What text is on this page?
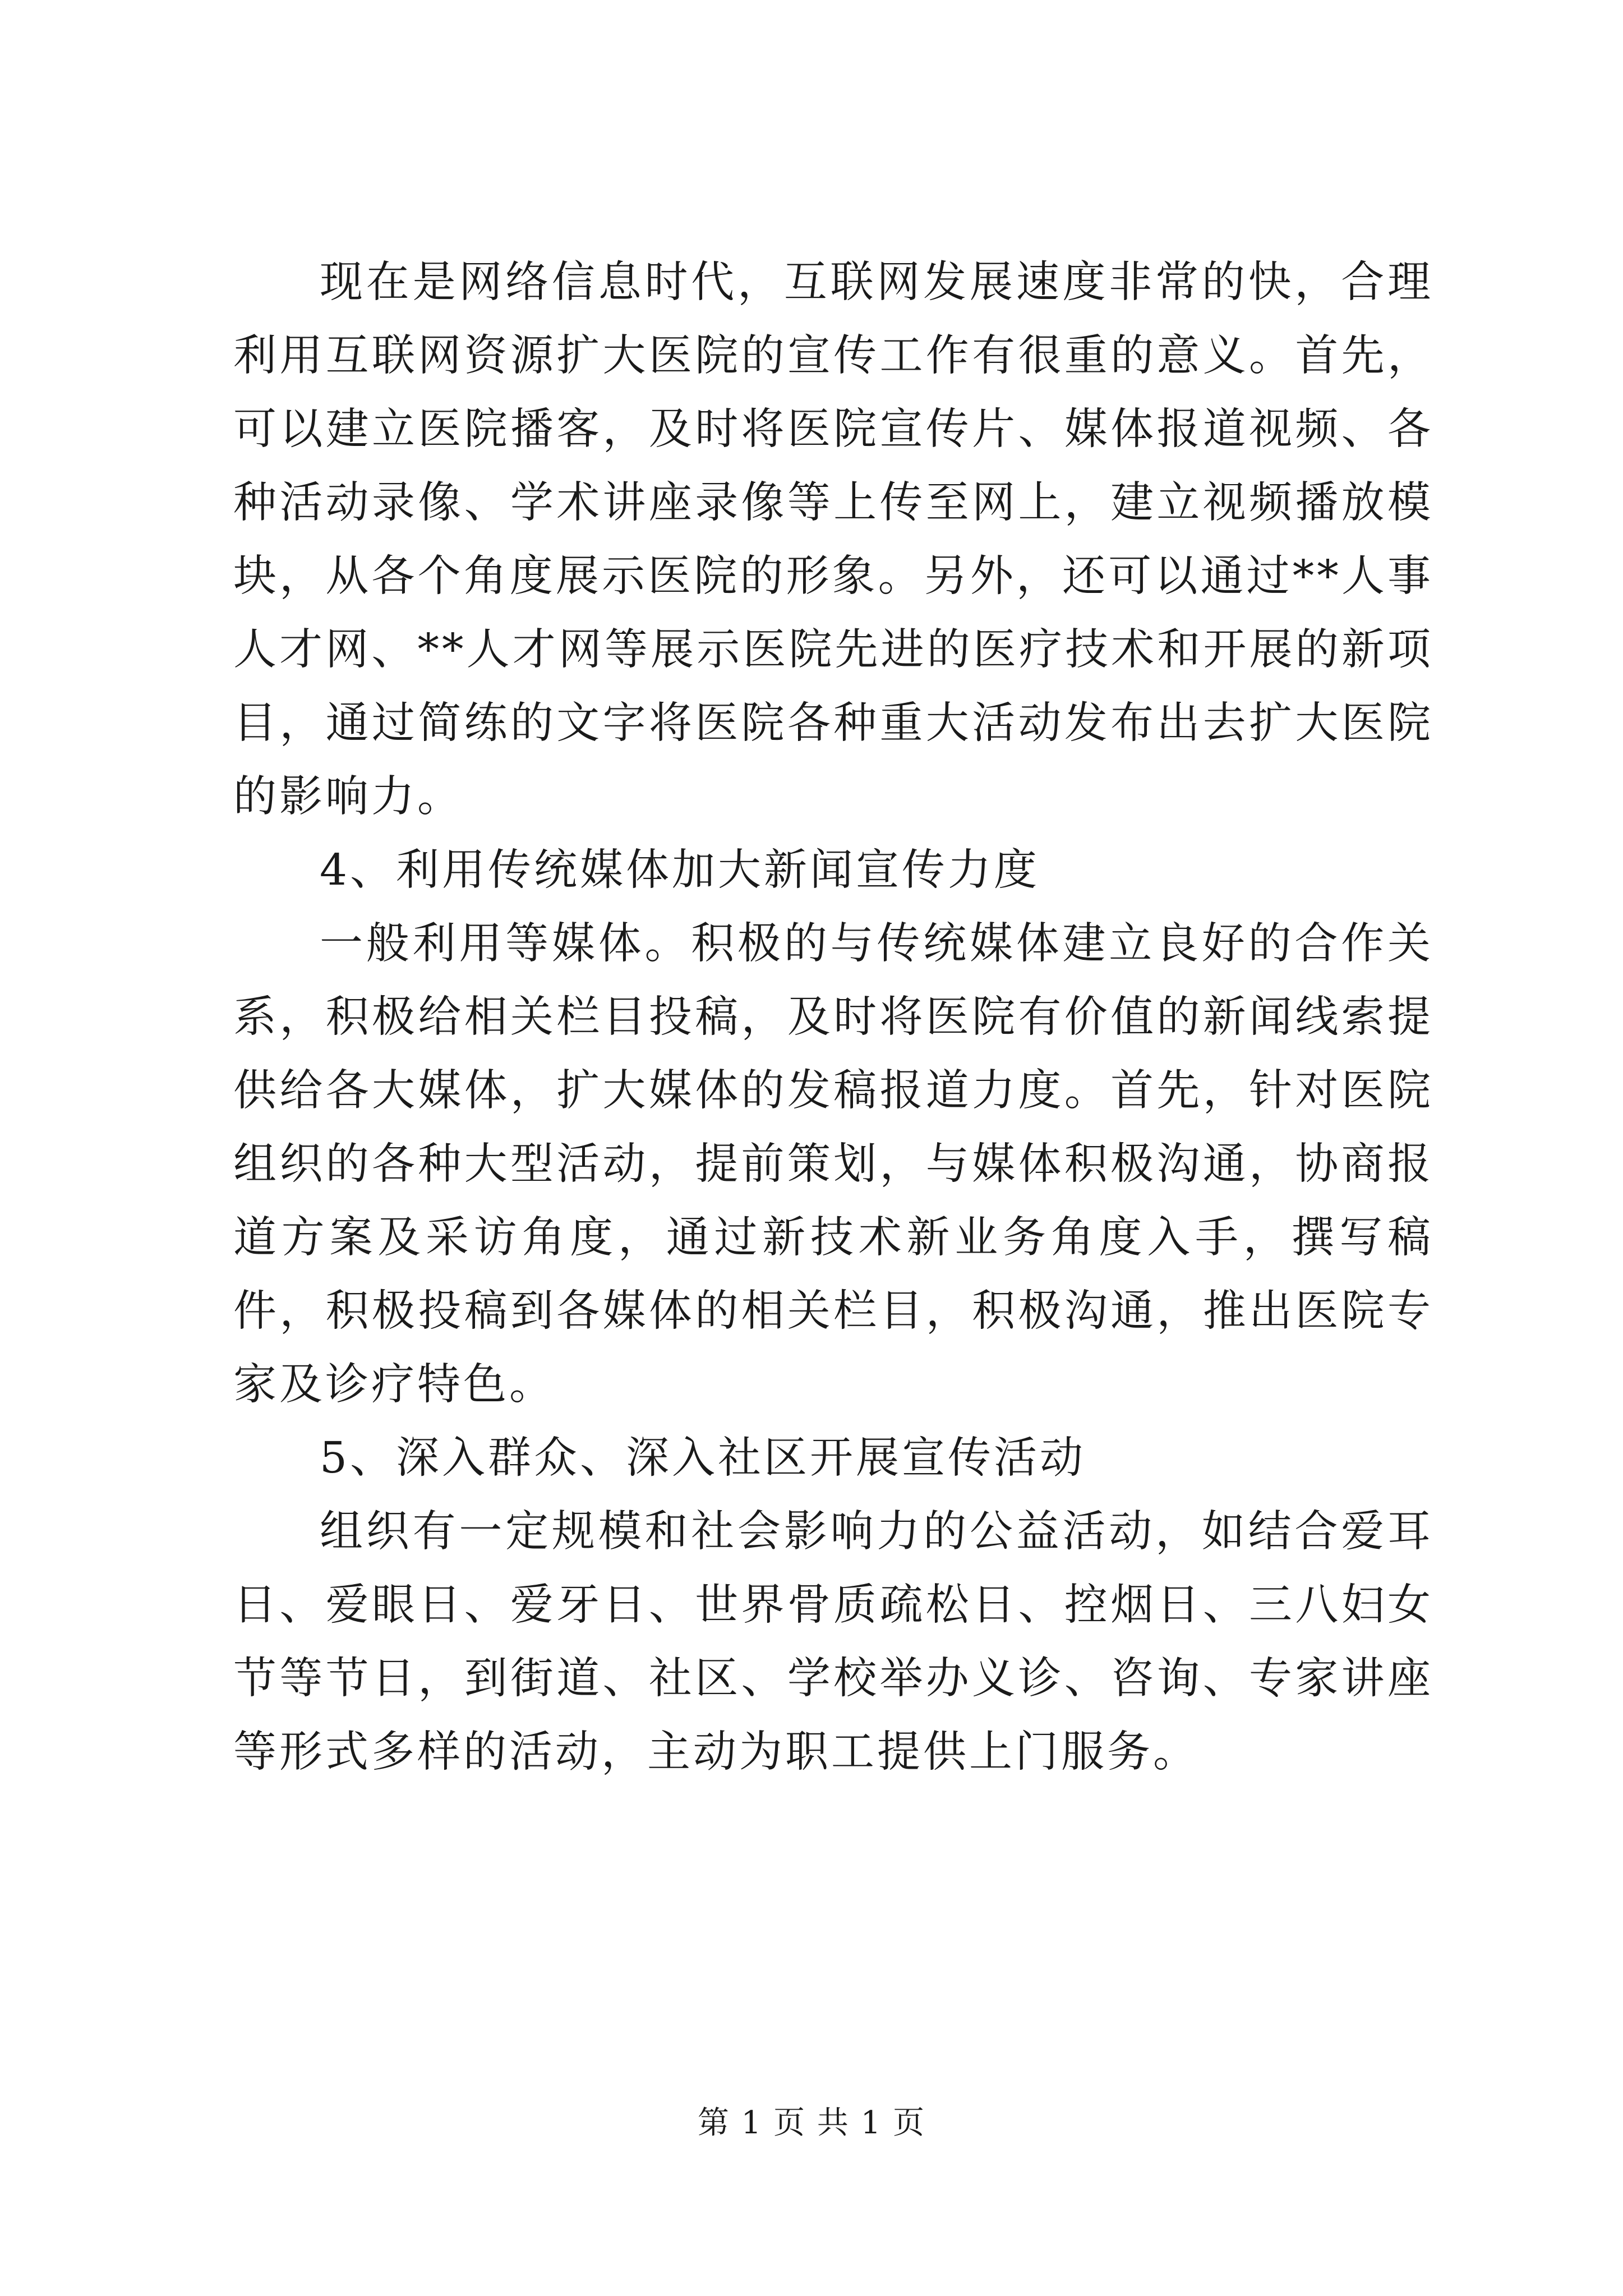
现在是网络信息时代，互联网发展速度非常的快，合理利用互联网资源扩大医院的宣传工作有很重的意义。首先，可以建立医院播客，及时将医院宣传片、媒体报道视频、各种活动录像、学术讲座录像等上传至网上，建立视频播放模块，从各个角度展示医院的形象。另外，还可以通过**人事人才网、**人才网等展示医院先进的医疗技术和开展的新项目，通过简练的文字将医院各种重大活动发布出去扩大医院的影响力。

4、利用传统媒体加大新闻宣传力度

一般利用等媒体。积极的与传统媒体建立良好的合作关系，积极给相关栏目投稿，及时将医院有价值的新闻线索提供给各大媒体，扩大媒体的发稿报道力度。首先，针对医院组织的各种大型活动，提前策划，与媒体积极沟通，协商报道方案及采访角度，通过新技术新业务角度入手，撰写稿件，积极投稿到各媒体的相关栏目，积极沟通，推出医院专家及诊疗特色。

5、深入群众、深入社区开展宣传活动

组织有一定规模和社会影响力的公益活动，如结合爱耳日、爱眼日、爱牙日、世界骨质疏松日、控烟日、三八妇女节等节日，到街道、社区、学校举办义诊、咨询、专家讲座等形式多样的活动，主动为职工提供上门服务。

第 1 页 共 1 页
